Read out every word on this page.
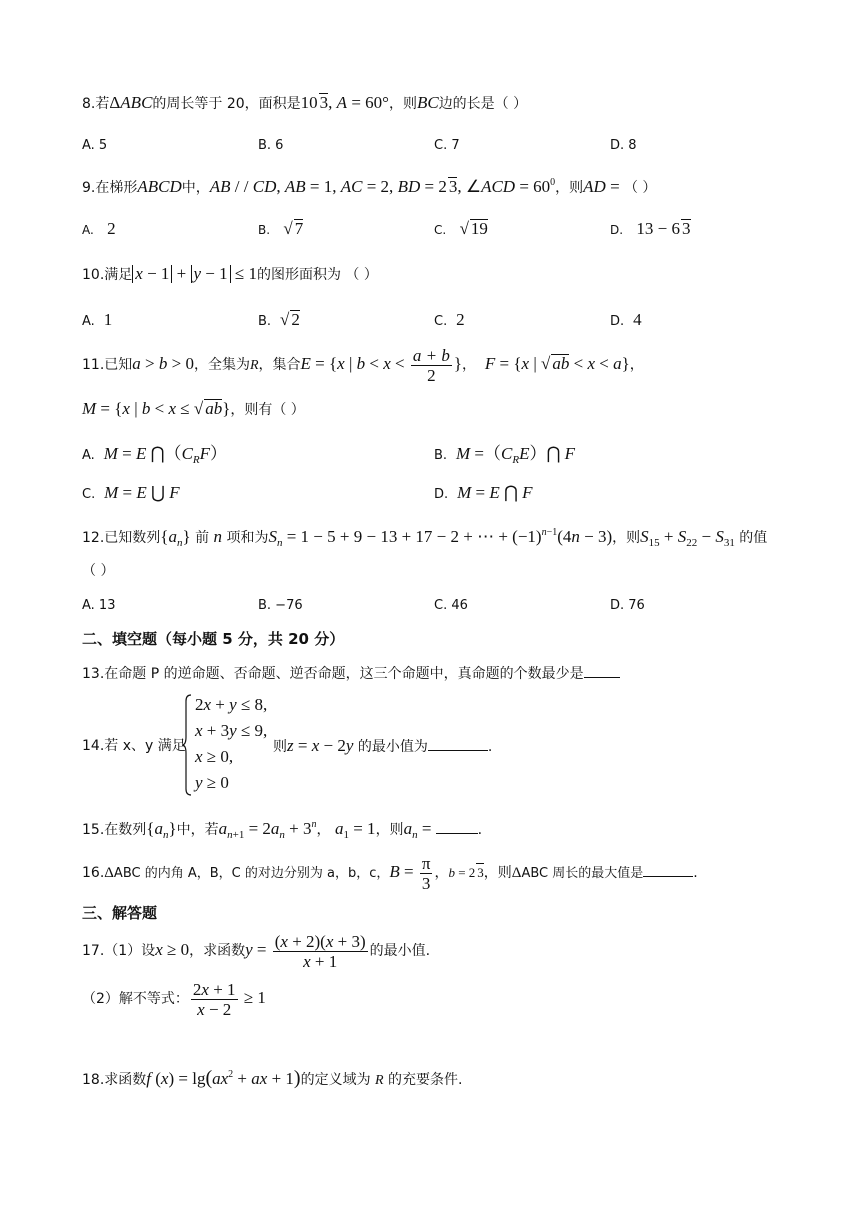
8.若ΔABC的周长等于 20，面积是10 3, A = 60°，则BC边的长是（ ）
A. 5	B. 6	C. 7	D. 8
9.在梯形ABCD中，AB / / CD, AB = 1, AC = 2, BD = 2 3, ∠ACD = $60^0$，则AD = （ ）
A. 2	B. √ 7	C. √ 19	D. 13 − 6 3
10.满足 x − 1 + y − 1 ≤ 1的图形面积为 （ ）
A. 1	B. √ 2	C. 2	D. 4
11.已知a > b > 0，全集为R，集合E = {x | $b < x < \frac{a + b}{2}$ }， F = {x | √ ab < x < a}，
M = {x | b < x ≤ √ ab}，则有（ ）
A. M = E $⋂(C_RF)$	B. $M =(C_RE)⋂$ F
C. M = E ⋃ F	D. M = E ⋂ F
12.已知数列$\{a_n\}$ 前 n 项和为$S_n = 1 - 5 + 9 - 13 + 17 - 2$ + ⋯ + $(-1)^{n-1}(4n - 3)$，则$S_{15} + S_{22} - S_{31}$ 的值
（ ）
A. 13	B. −76	C. 46	D. 76
二、填空题（每小题 5 分，共 20 分）
13.在命题 P 的逆命题、否命题、逆否命题，这三个命题中，真命题的个数最少是
14.若 x、y 满足
2x + y ≤ 8,
x + 3y ≤ 9,
x ≥ 0,
y ≥ 0
则z = x − 2y 的最小值为	.
15.在数列$\{a_n\}$中，若$a_{n+1} = 2a_n + 3^n$， $a_1 = 1$，则$a_n$ =	.
16.ΔABC 的内角 A，B，C 的对边分别为 a，b，c，$B = \frac{\pi}{3}$ ，b = 2 3，则ΔABC 周长的最大值是	.
三、解答题
17.（1）设x ≥ 0，求函数$y = \frac{(x + 2)(x + 3)}{x + 1}$ 的最小值.
（2）解不等式： $\frac{2x + 1}{x - 2} \ge 1$
18.求函数f $(x) = \lg(ax^2$ + ax + 1)的定义域为 R 的充要条件.
